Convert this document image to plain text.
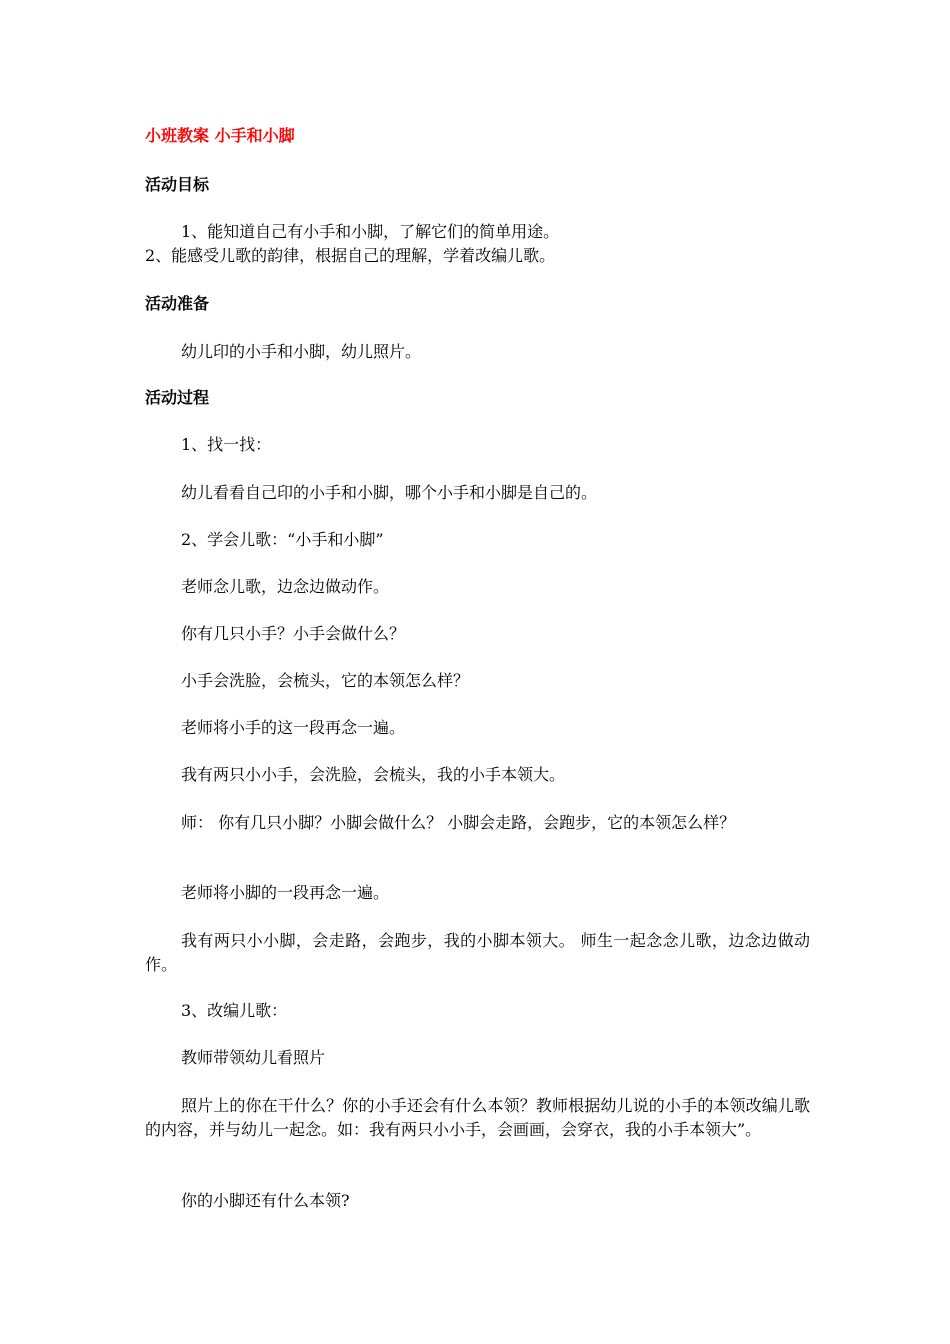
小班教案 小手和小脚
活动目标
1、能知道自己有小手和小脚，了解它们的简单用途。
2、能感受儿歌的韵律，根据自己的理解，学着改编儿歌。
活动准备
幼儿印的小手和小脚，幼儿照片。
活动过程
1、找一找：
幼儿看看自己印的小手和小脚，哪个小手和小脚是自己的。
2、学会儿歌：“小手和小脚”
老师念儿歌，边念边做动作。
你有几只小手？小手会做什么？
小手会洗脸，会梳头，它的本领怎么样？
老师将小手的这一段再念一遍。
我有两只小小手，会洗脸，会梳头，我的小手本领大。
师： 你有几只小脚？小脚会做什么？ 小脚会走路，会跑步，它的本领怎么样？
老师将小脚的一段再念一遍。
我有两只小小脚，会走路，会跑步，我的小脚本领大。 师生一起念念儿歌，边念边做动作。
3、改编儿歌：
教师带领幼儿看照片
照片上的你在干什么？你的小手还会有什么本领？教师根据幼儿说的小手的本领改编儿歌的内容，并与幼儿一起念。如：我有两只小小手，会画画，会穿衣，我的小手本领大”。
你的小脚还有什么本领?
